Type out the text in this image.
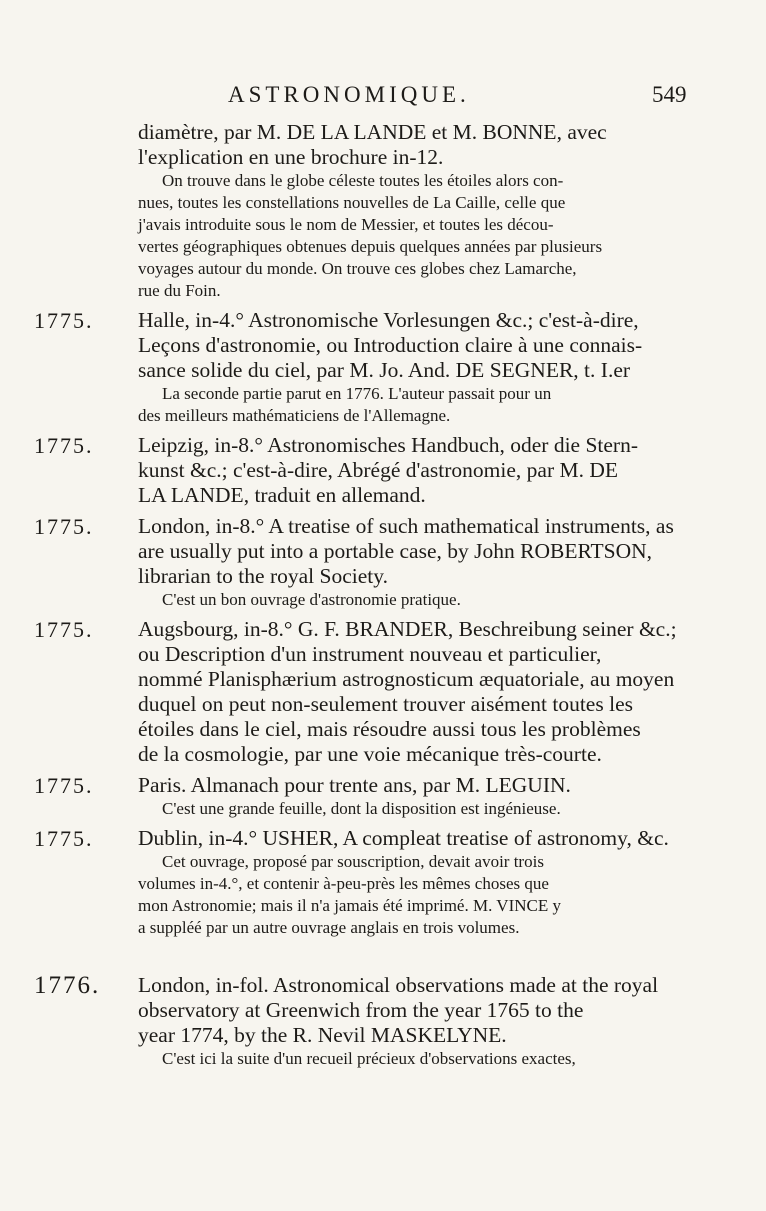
ASTRONOMIQUE.	549
diamètre, par M. DE LA LANDE et M. BONNE, avec
l'explication en une brochure in-12.
On trouve dans le globe céleste toutes les étoiles alors con-
nues, toutes les constellations nouvelles de La Caille, celle que
j'avais introduite sous le nom de Messier, et toutes les décou-
vertes géographiques obtenues depuis quelques années par plusieurs
voyages autour du monde. On trouve ces globes chez Lamarche,
rue du Foin.
1775. Halle, in-4.° Astronomische Vorlesungen &c.; c'est-à-dire,
Leçons d'astronomie, ou Introduction claire à une connais-
sance solide du ciel, par M. Jo. And. DE SEGNER, t. I.er
La seconde partie parut en 1776. L'auteur passait pour un
des meilleurs mathématiciens de l'Allemagne.
1775. Leipzig, in-8.° Astronomisches Handbuch, oder die Stern-
kunst &c.; c'est-à-dire, Abrégé d'astronomie, par M. DE
LA LANDE, traduit en allemand.
1775. London, in-8.° A treatise of such mathematical instruments, as
are usually put into a portable case, by John ROBERTSON,
librarian to the royal Society.
C'est un bon ouvrage d'astronomie pratique.
1775. Augsbourg, in-8.° G. F. BRANDER, Beschreibung seiner &c.;
ou Description d'un instrument nouveau et particulier,
nommé Planisphærium astrognosticum æquatoriale, au moyen
duquel on peut non-seulement trouver aisément toutes les
étoiles dans le ciel, mais résoudre aussi tous les problèmes
de la cosmologie, par une voie mécanique très-courte.
1775. Paris. Almanach pour trente ans, par M. LEGUIN.
C'est une grande feuille, dont la disposition est ingénieuse.
1775. Dublin, in-4.° USHER, A compleat treatise of astronomy, &c.
Cet ouvrage, proposé par souscription, devait avoir trois
volumes in-4.°, et contenir à-peu-près les mêmes choses que
mon Astronomie; mais il n'a jamais été imprimé. M. VINCE y
a suppléé par un autre ouvrage anglais en trois volumes.
1776. London, in-fol. Astronomical observations made at the royal
observatory at Greenwich from the year 1765 to the
year 1774, by the R. Nevil MASKELYNE.
C'est ici la suite d'un recueil précieux d'observations exactes,
